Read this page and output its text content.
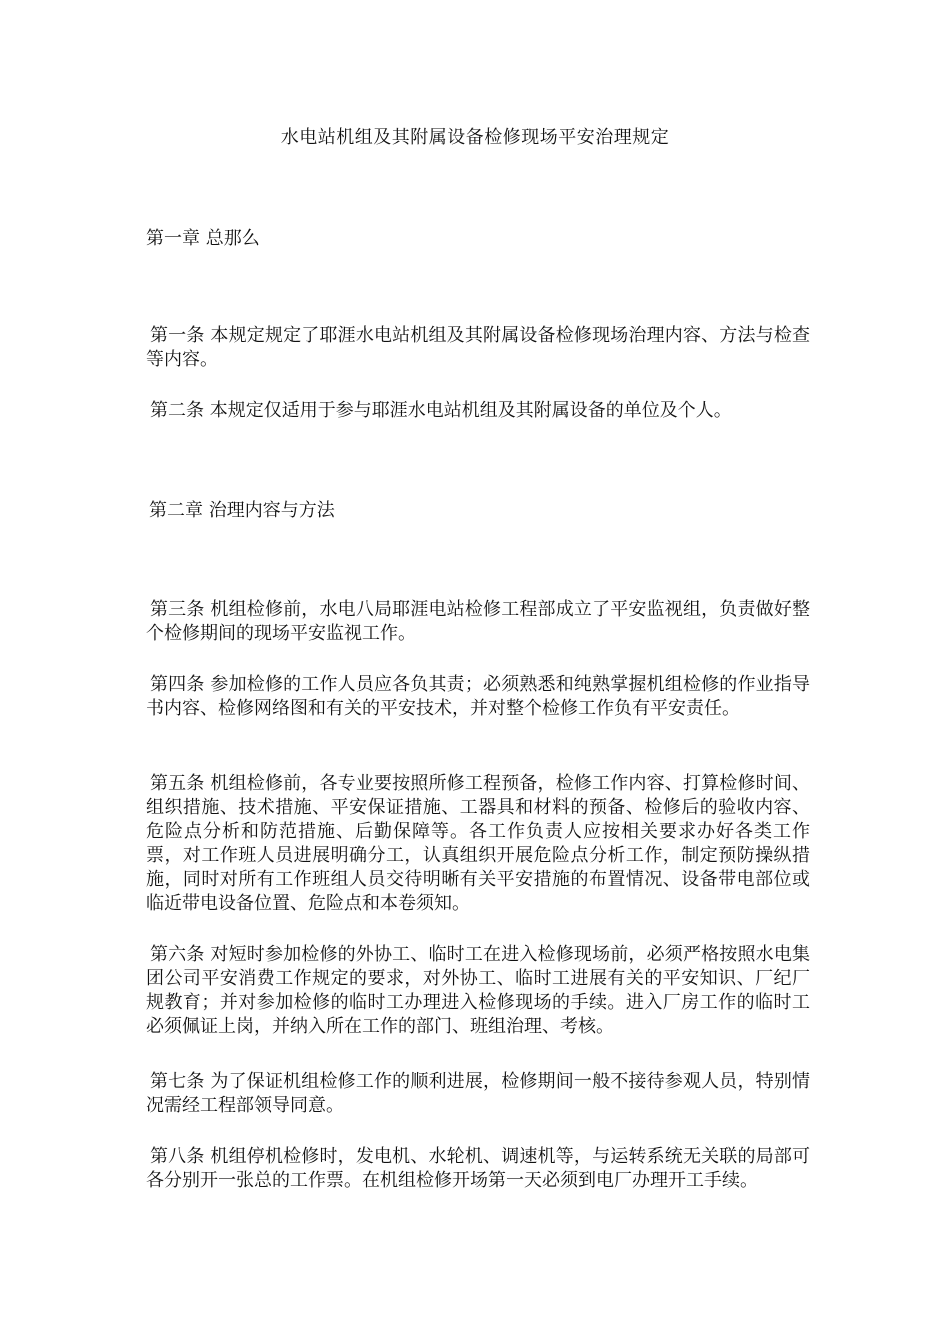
水电站机组及其附属设备检修现场平安治理规定
第一章 总那么
第一条 本规定规定了耶涯水电站机组及其附属设备检修现场治理内容、方法与检查等内容。
第二条 本规定仅适用于参与耶涯水电站机组及其附属设备的单位及个人。
第二章 治理内容与方法
第三条 机组检修前，水电八局耶涯电站检修工程部成立了平安监视组，负责做好整个检修期间的现场平安监视工作。
第四条 参加检修的工作人员应各负其责；必须熟悉和纯熟掌握机组检修的作业指导书内容、检修网络图和有关的平安技术，并对整个检修工作负有平安责任。
第五条 机组检修前，各专业要按照所修工程预备，检修工作内容、打算检修时间、组织措施、技术措施、平安保证措施、工器具和材料的预备、检修后的验收内容、危险点分析和防范措施、后勤保障等。各工作负责人应按相关要求办好各类工作票，对工作班人员进展明确分工，认真组织开展危险点分析工作，制定预防操纵措施，同时对所有工作班组人员交待明晰有关平安措施的布置情况、设备带电部位或临近带电设备位置、危险点和本卷须知。
第六条 对短时参加检修的外协工、临时工在进入检修现场前，必须严格按照水电集团公司平安消费工作规定的要求，对外协工、临时工进展有关的平安知识、厂纪厂规教育；并对参加检修的临时工办理进入检修现场的手续。进入厂房工作的临时工必须佩证上岗，并纳入所在工作的部门、班组治理、考核。
第七条 为了保证机组检修工作的顺利进展，检修期间一般不接待参观人员，特别情况需经工程部领导同意。
第八条 机组停机检修时，发电机、水轮机、调速机等，与运转系统无关联的局部可各分别开一张总的工作票。在机组检修开场第一天必须到电厂办理开工手续。
